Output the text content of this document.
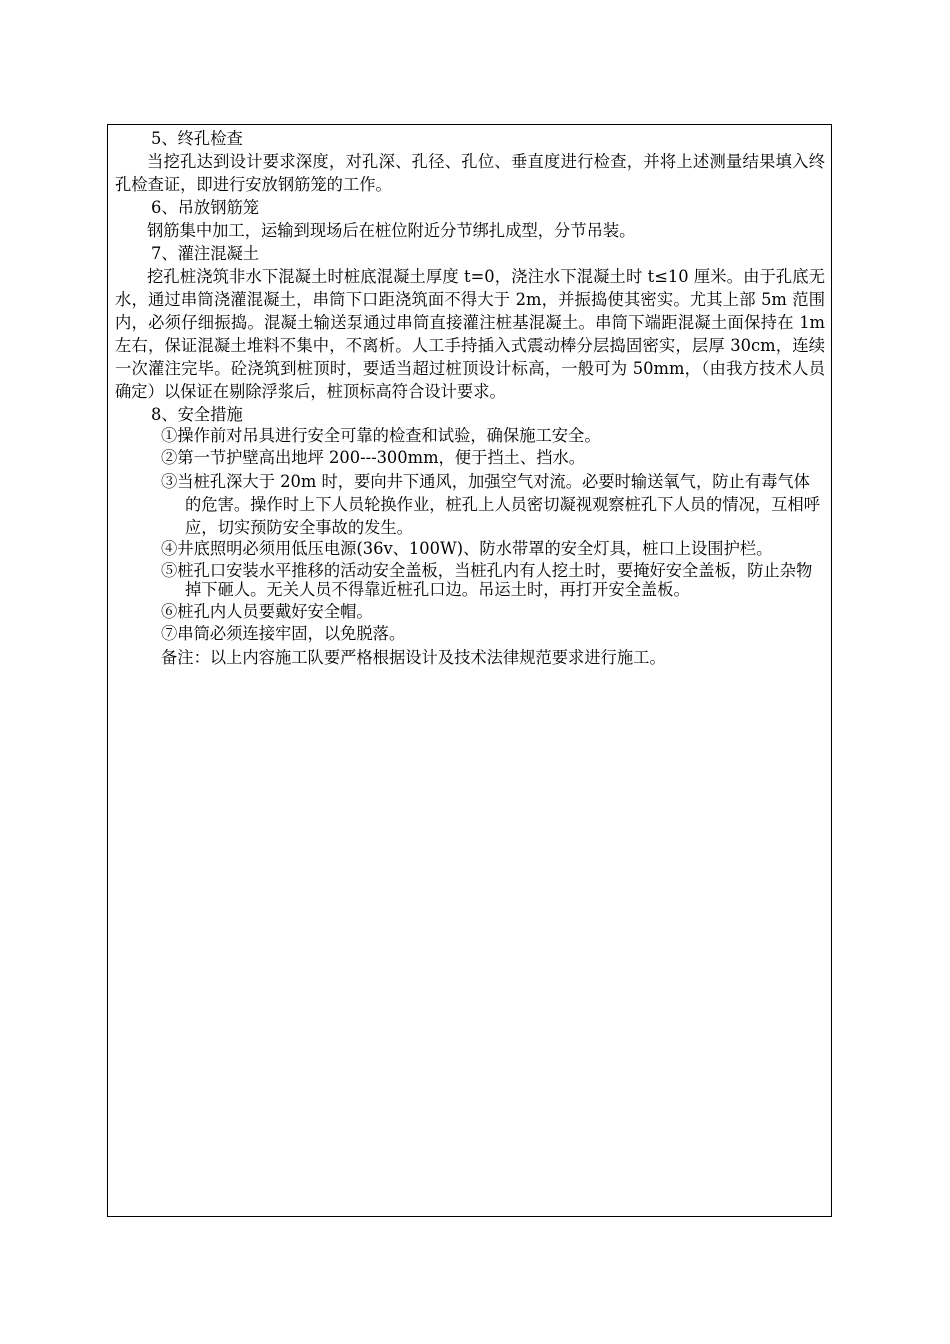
5、终孔检查

当挖孔达到设计要求深度，对孔深、孔径、孔位、垂直度进行检查，并将上述测量结果填入终孔检查证，即进行安放钢筋笼的工作。

6、吊放钢筋笼

钢筋集中加工，运输到现场后在桩位附近分节绑扎成型，分节吊装。

7、灌注混凝土

挖孔桩浇筑非水下混凝土时桩底混凝土厚度 t=0，浇注水下混凝土时 t≤10 厘米。由于孔底无水，通过串筒浇灌混凝土，串筒下口距浇筑面不得大于 2m，并振捣使其密实。尤其上部 5m 范围内，必须仔细振捣。混凝土输送泵通过串筒直接灌注桩基混凝土。串筒下端距混凝土面保持在 1m 左右，保证混凝土堆料不集中，不离析。人工手持插入式震动棒分层捣固密实，层厚 30cm，连续一次灌注完毕。砼浇筑到桩顶时，要适当超过桩顶设计标高，一般可为 50mm，（由我方技术人员确定）以保证在剔除浮浆后，桩顶标高符合设计要求。

8、安全措施

①操作前对吊具进行安全可靠的检查和试验，确保施工安全。
②第一节护壁高出地坪 200---300mm，便于挡土、挡水。
③当桩孔深大于 20m 时，要向井下通风，加强空气对流。必要时输送氧气，防止有毒气体的危害。操作时上下人员轮换作业，桩孔上人员密切凝视观察桩孔下人员的情况，互相呼应，切实预防安全事故的发生。
④井底照明必须用低压电源(36v、100W)、防水带罩的安全灯具，桩口上设围护栏。
⑤桩孔口安装水平推移的活动安全盖板，当桩孔内有人挖土时，要掩好安全盖板，防止杂物掉下砸人。无关人员不得靠近桩孔口边。吊运土时，再打开安全盖板。
⑥桩孔内人员要戴好安全帽。
⑦串筒必须连接牢固，以免脱落。

备注：以上内容施工队要严格根据设计及技术法律规范要求进行施工。
